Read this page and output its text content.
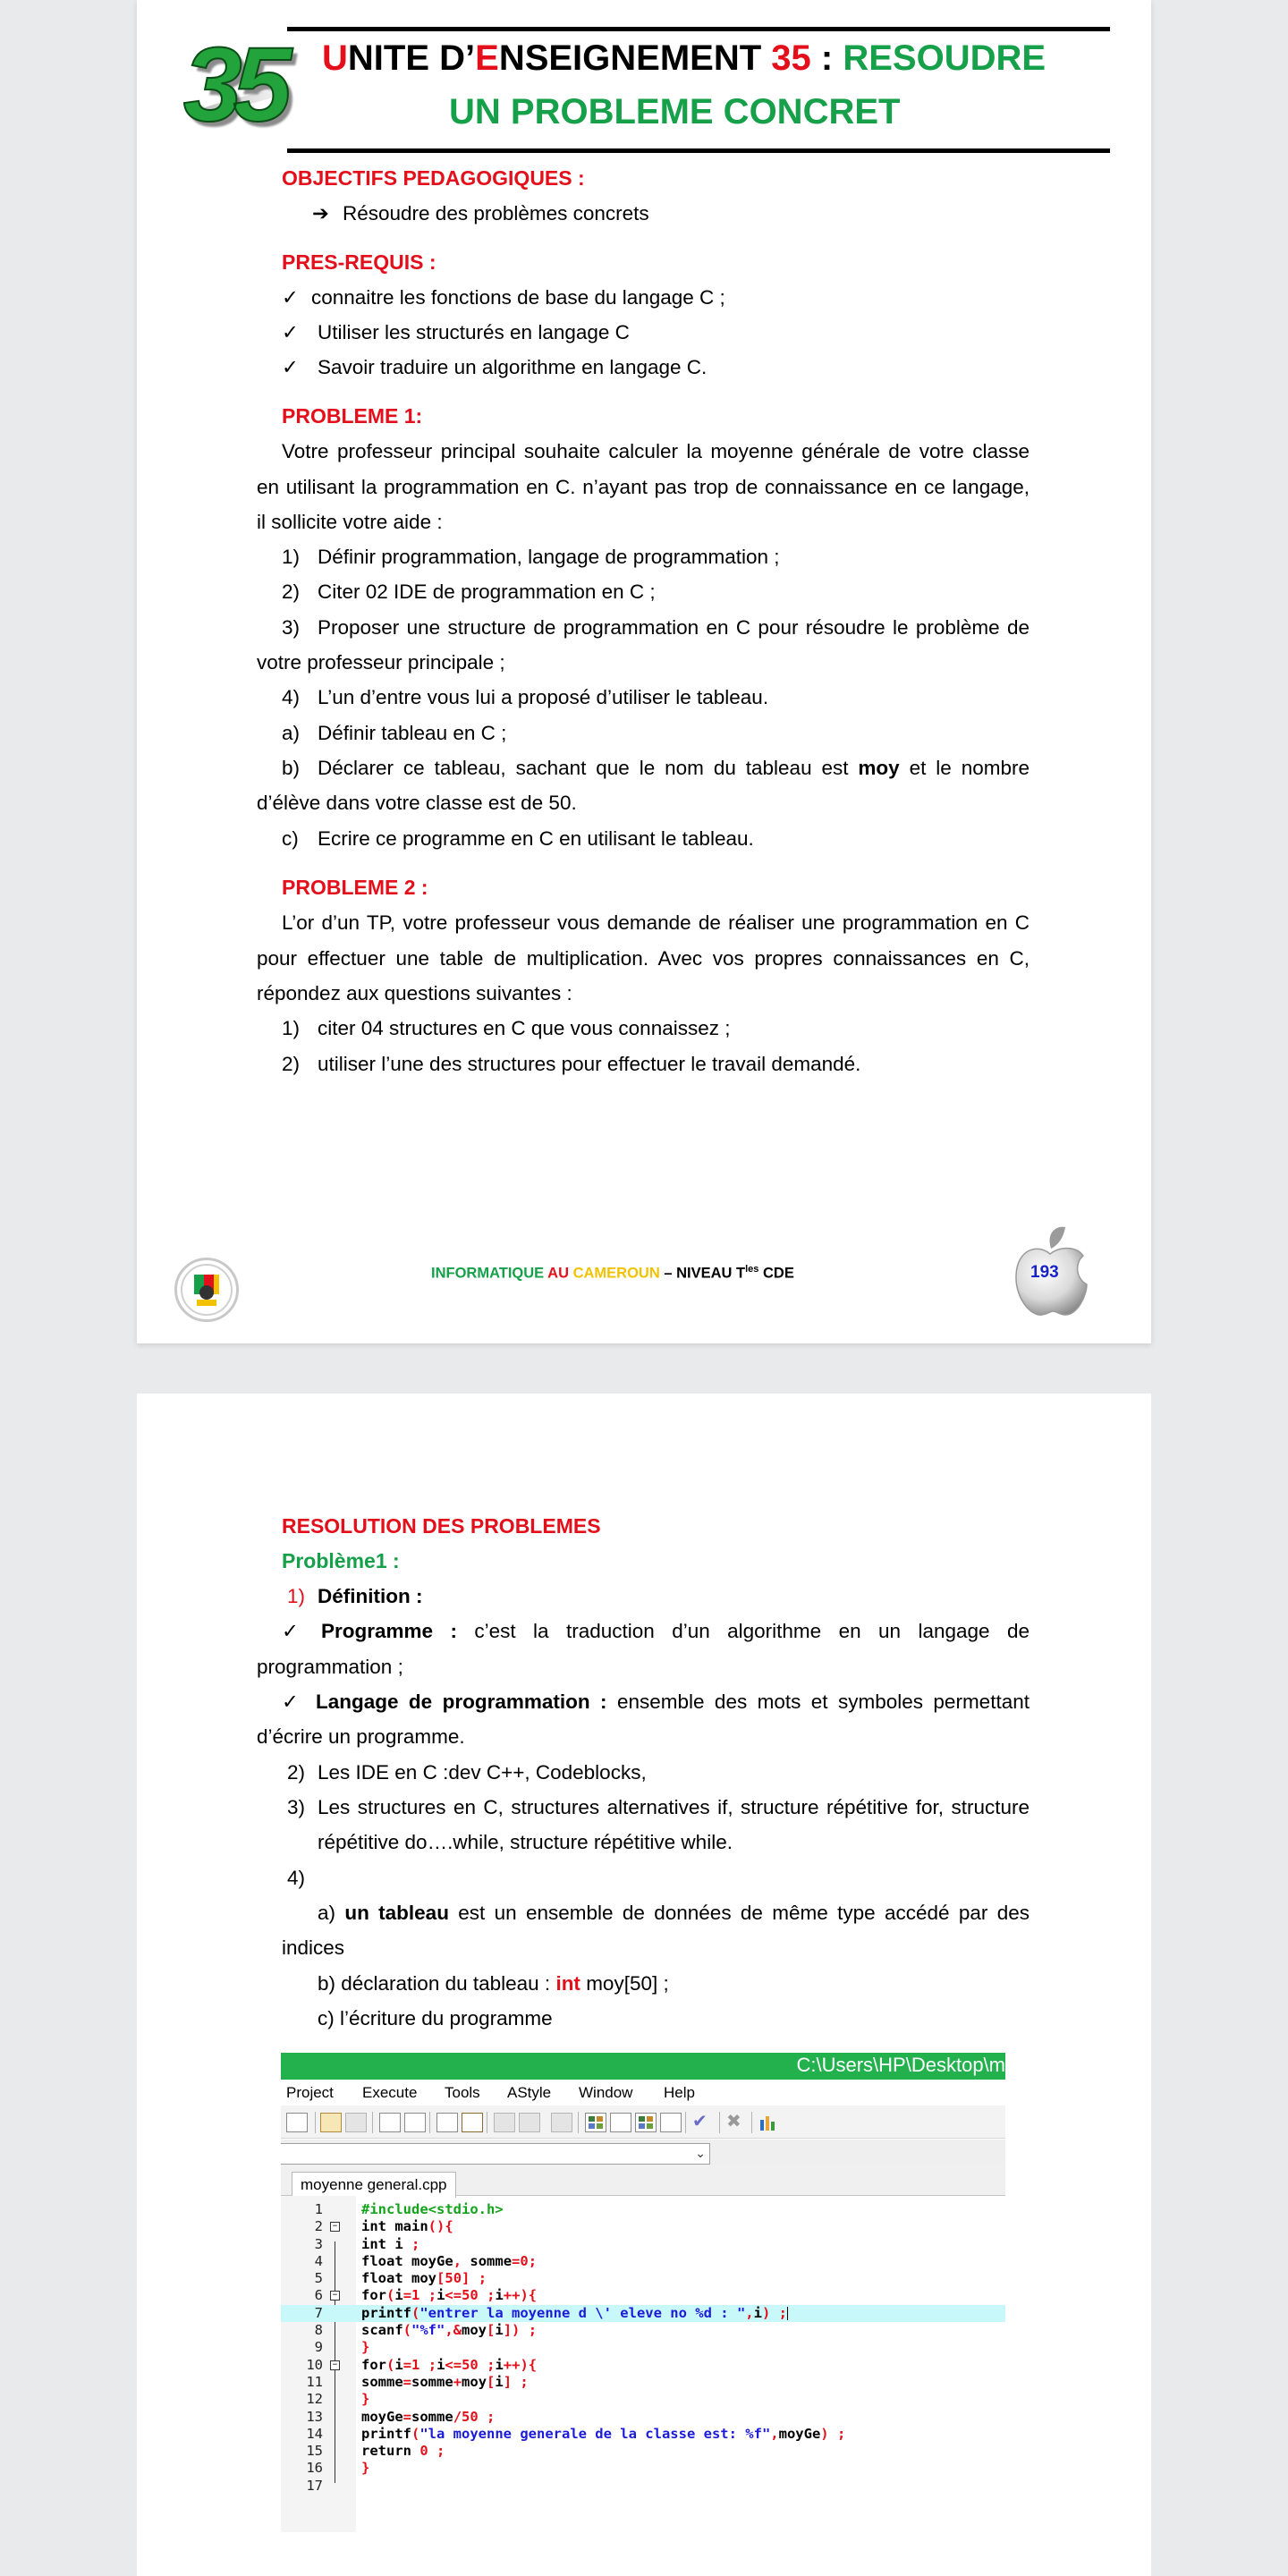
35 UNITE D’ENSEIGNEMENT 35 : RESOUDRE
UN PROBLEME CONCRET
OBJECTIFS PEDAGOGIQUES :
➔ Résoudre des problèmes concrets
PRES-REQUIS :
✓ connaitre les fonctions de base du langage C ;
✓ Utiliser les structurés en langage C
✓ Savoir traduire un algorithme en langage C.
PROBLEME 1:
Votre professeur principal souhaite calculer la moyenne générale de votre classe
en utilisant la programmation en C. n’ayant pas trop de connaissance en ce langage,
il sollicite votre aide :
1) Définir programmation, langage de programmation ;
2) Citer 02 IDE de programmation en C ;
3) Proposer une structure de programmation en C pour résoudre le problème de
votre professeur principale ;
4) L’un d’entre vous lui a proposé d’utiliser le tableau.
a) Définir tableau en C ;
b) Déclarer ce tableau, sachant que le nom du tableau est moy et le nombre
d’élève dans votre classe est de 50.
c) Ecrire ce programme en C en utilisant le tableau.
PROBLEME 2 :
L’or d’un TP, votre professeur vous demande de réaliser une programmation en C
pour effectuer une table de multiplication. Avec vos propres connaissances en C,
répondez aux questions suivantes :
1) citer 04 structures en C que vous connaissez ;
2) utiliser l’une des structures pour effectuer le travail demandé.
INFORMATIQUE AU CAMEROUN – NIVEAU $T^{les}$ CDE	193
RESOLUTION DES PROBLEMES
Problème1 :
1) Définition :
✓ Programme : c’est la traduction d’un algorithme en un langage de
programmation ;
✓ Langage de programmation : ensemble des mots et symboles permettant
d’écrire un programme.
2) Les IDE en C :dev C++, Codeblocks,
3) Les structures en C, structures alternatives if, structure répétitive for, structure
répétitive do….while, structure répétitive while.
4)
a) un tableau est un ensemble de données de même type accédé par des
indices
b) déclaration du tableau : int moy[50] ;
c) l’écriture du programme
C:\Users\HP\Desktop\m
Project Execute Tools AStyle Window Help
✔ ✖
⌄
moyenne general.cpp
1	#include<stdio.h>
2	− int main(){
3	int i ;
4	float moyGe, somme=0;
5	float moy[50] ;
6	− for(i=1 ;i<=50 ;i++){
7	printf("entrer la moyenne d \' eleve no %d : ",i) ;
8	scanf("%f",&moy[i]) ;
9	}
10	− for(i=1 ;i<=50 ;i++){
11	somme=somme+moy[i] ;
12	}
13	moyGe=somme/50 ;
14	printf("la moyenne generale de la classe est: %f",moyGe) ;
15	return 0 ;
16	}
17
